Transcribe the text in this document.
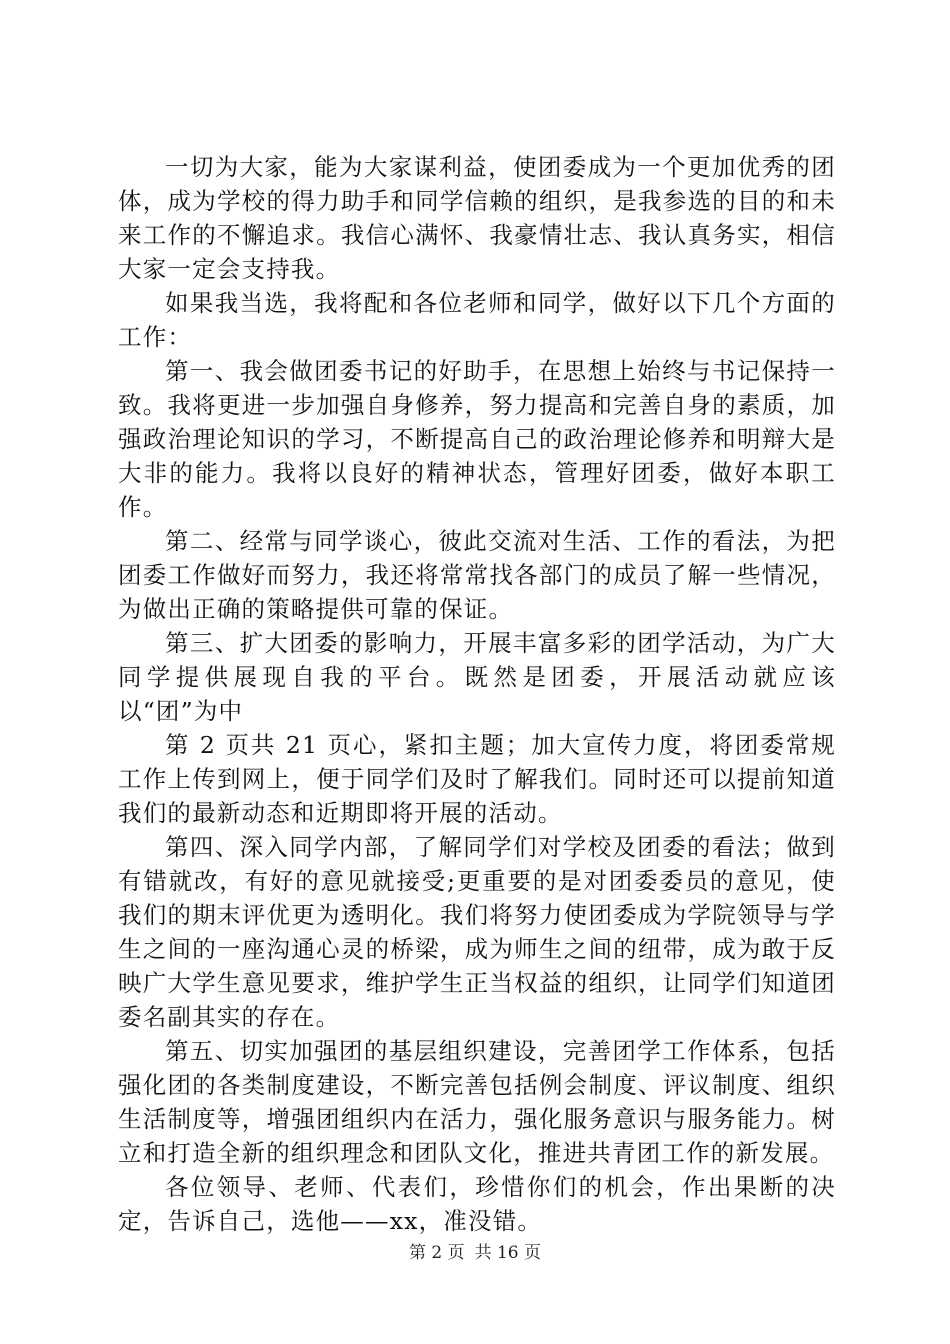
一切为大家，能为大家谋利益，使团委成为一个更加优秀的团体，成为学校的得力助手和同学信赖的组织，是我参选的目的和未来工作的不懈追求。我信心满怀、我豪情壮志、我认真务实，相信大家一定会支持我。

如果我当选，我将配和各位老师和同学，做好以下几个方面的工作：

第一、我会做团委书记的好助手，在思想上始终与书记保持一致。我将更进一步加强自身修养，努力提高和完善自身的素质，加强政治理论知识的学习，不断提高自己的政治理论修养和明辩大是大非的能力。我将以良好的精神状态，管理好团委，做好本职工作。

第二、经常与同学谈心，彼此交流对生活、工作的看法，为把团委工作做好而努力，我还将常常找各部门的成员了解一些情况，为做出正确的策略提供可靠的保证。

第三、扩大团委的影响力，开展丰富多彩的团学活动，为广大同学提供展现自我的平台。既然是团委，开展活动就应该以“团”为中

第 2 页共 21 页心，紧扣主题；加大宣传力度，将团委常规工作上传到网上，便于同学们及时了解我们。同时还可以提前知道我们的最新动态和近期即将开展的活动。

第四、深入同学内部，了解同学们对学校及团委的看法；做到有错就改，有好的意见就接受;更重要的是对团委委员的意见，使我们的期末评优更为透明化。我们将努力使团委成为学院领导与学生之间的一座沟通心灵的桥梁，成为师生之间的纽带，成为敢于反映广大学生意见要求，维护学生正当权益的组织，让同学们知道团委名副其实的存在。

第五、切实加强团的基层组织建设，完善团学工作体系，包括强化团的各类制度建设，不断完善包括例会制度、评议制度、组织生活制度等，增强团组织内在活力，强化服务意识与服务能力。树立和打造全新的组织理念和团队文化，推进共青团工作的新发展。

各位领导、老师、代表们，珍惜你们的机会，作出果断的决定，告诉自己，选他——xx，准没错。

第 2 页 共 16 页
